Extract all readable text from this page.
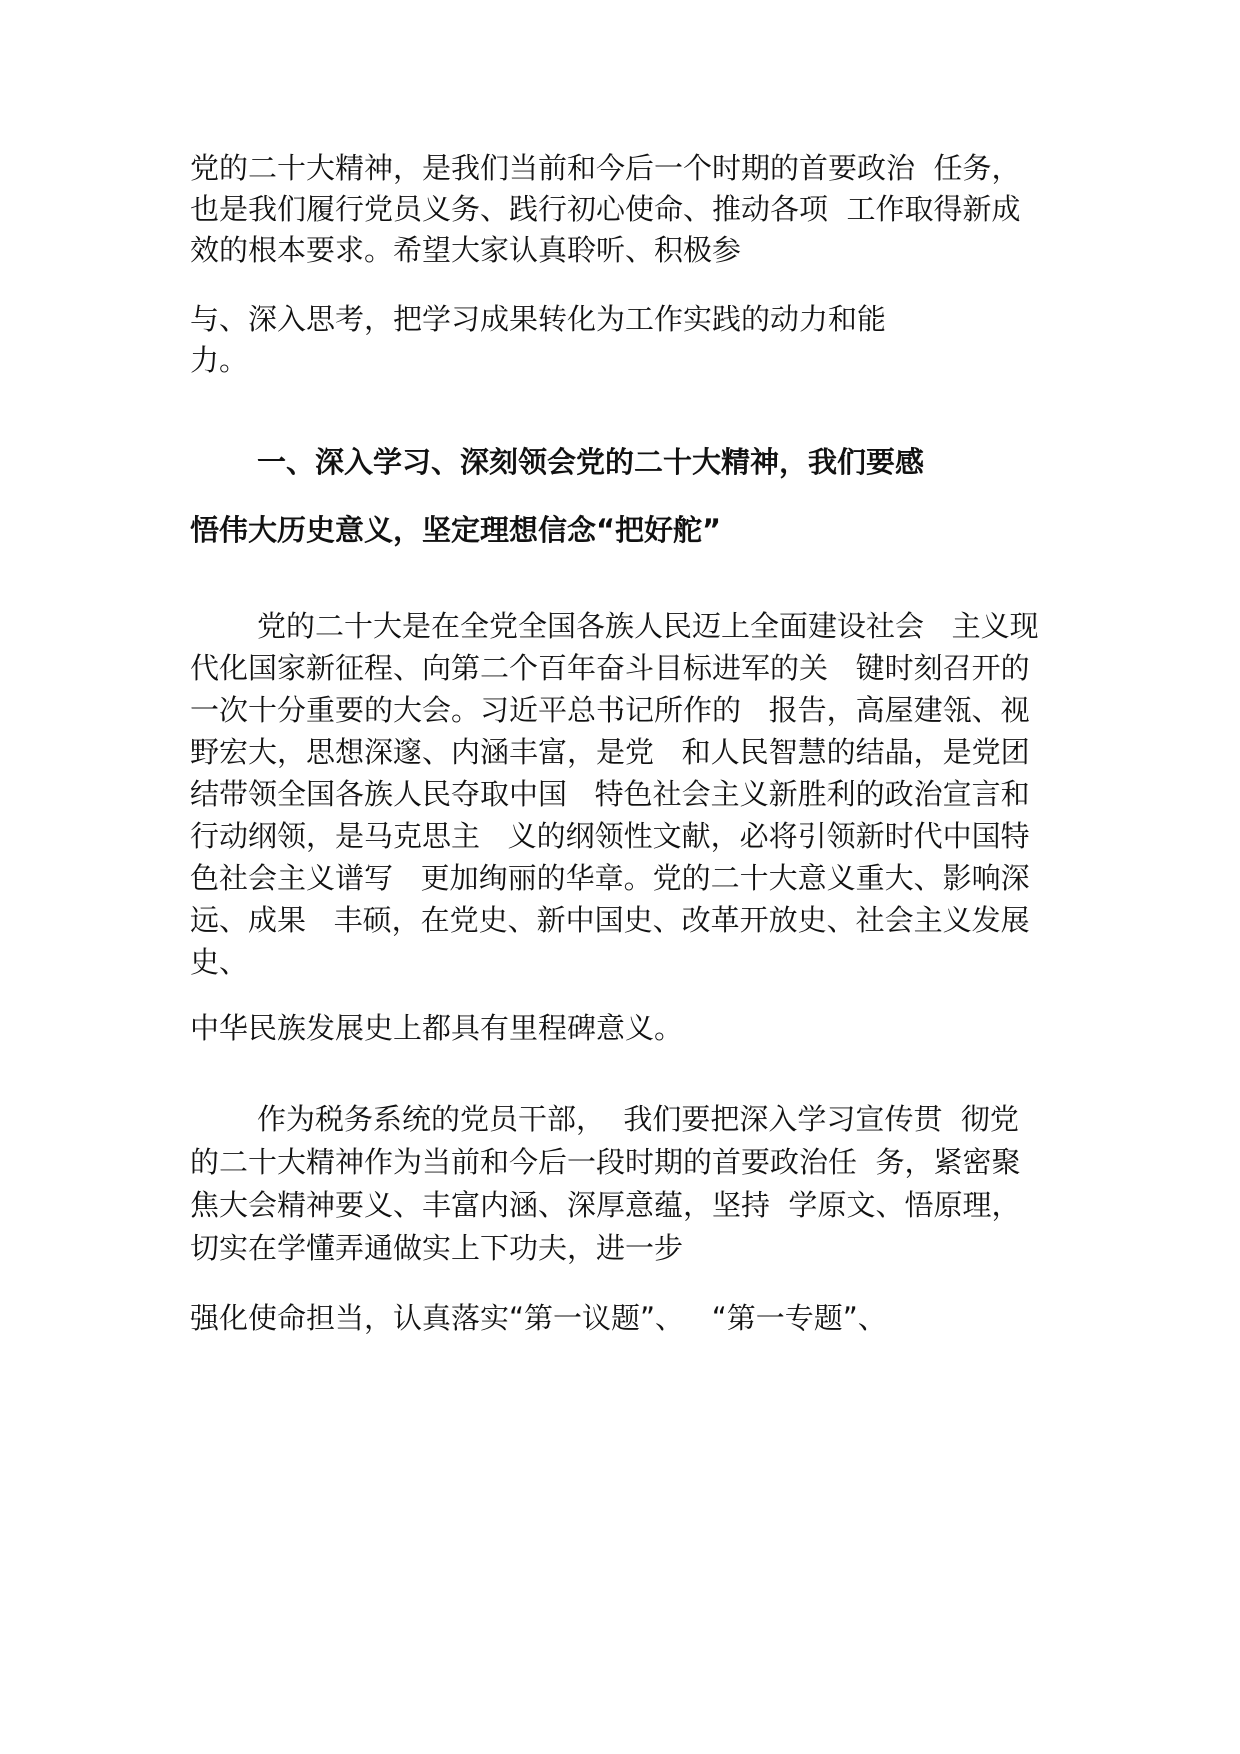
党的二十大精神，是我们当前和今后一个时期的首要政治  任务，
也是我们履行党员义务、践行初心使命、推动各项  工作取得新成
效的根本要求。希望大家认真聆听、积极参
与、深入思考，把学习成果转化为工作实践的动力和能
力。
一、深入学习、深刻领会党的二十大精神，我们要感
悟伟大历史意义，坚定理想信念“把好舵”
党的二十大是在全党全国各族人民迈上全面建设社会   主义现
代化国家新征程、向第二个百年奋斗目标进军的关   键时刻召开的
一次十分重要的大会。习近平总书记所作的   报告，高屋建瓴、视
野宏大，思想深邃、内涵丰富，是党   和人民智慧的结晶，是党团
结带领全国各族人民夺取中国   特色社会主义新胜利的政治宣言和
行动纲领，是马克思主   义的纲领性文献，必将引领新时代中国特
色社会主义谱写   更加绚丽的华章。党的二十大意义重大、影响深
远、成果   丰硕，在党史、新中国史、改革开放史、社会主义发展
史、
中华民族发展史上都具有里程碑意义。
作为税务系统的党员干部，  我们要把深入学习宣传贯  彻党
的二十大精神作为当前和今后一段时期的首要政治任  务，紧密聚
焦大会精神要义、丰富内涵、深厚意蕴，坚持  学原文、悟原理，
切实在学懂弄通做实上下功夫，进一步
强化使命担当，认真落实“第一议题”、   “第一专题”、
